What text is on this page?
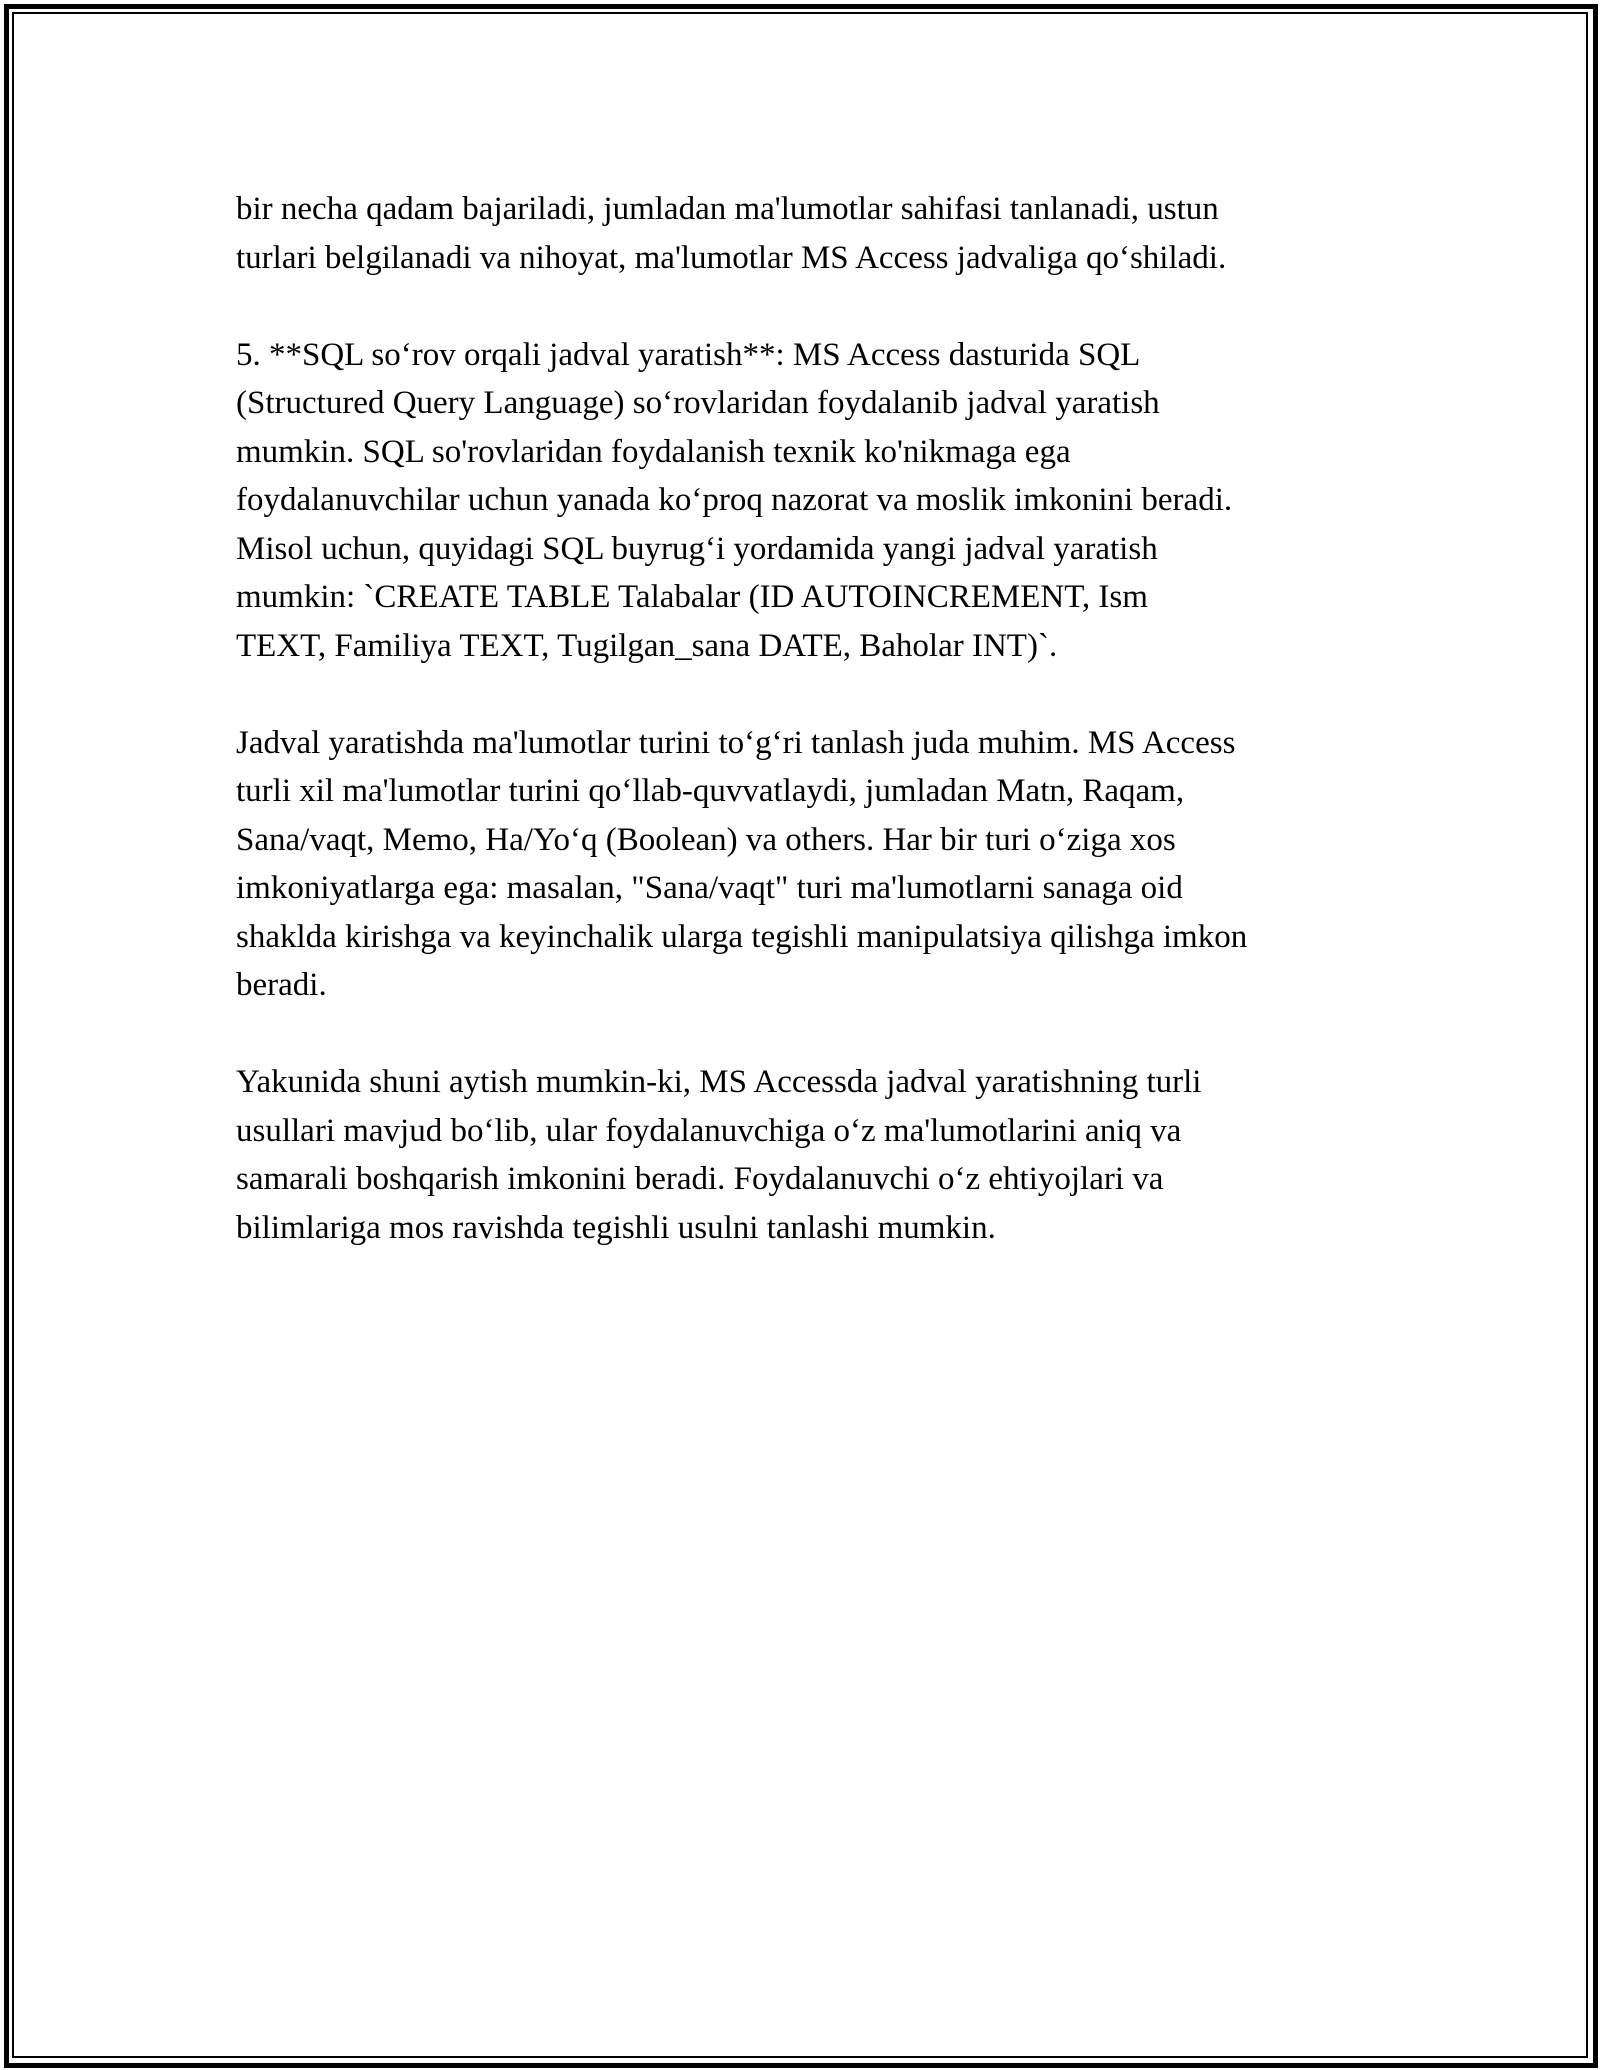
bir necha qadam bajariladi, jumladan ma'lumotlar sahifasi tanlanadi, ustun
turlari belgilanadi va nihoyat, ma'lumotlar MS Access jadvaliga qo‘shiladi.

5. **SQL so‘rov orqali jadval yaratish**: MS Access dasturida SQL
(Structured Query Language) so‘rovlaridan foydalanib jadval yaratish
mumkin. SQL so'rovlaridan foydalanish texnik ko'nikmaga ega
foydalanuvchilar uchun yanada ko‘proq nazorat va moslik imkonini beradi.
Misol uchun, quyidagi SQL buyrug‘i yordamida yangi jadval yaratish
mumkin: `CREATE TABLE Talabalar (ID AUTOINCREMENT, Ism
TEXT, Familiya TEXT, Tugilgan_sana DATE, Baholar INT)`.

Jadval yaratishda ma'lumotlar turini to‘g‘ri tanlash juda muhim. MS Access
turli xil ma'lumotlar turini qo‘llab-quvvatlaydi, jumladan Matn, Raqam,
Sana/vaqt, Memo, Ha/Yo‘q (Boolean) va others. Har bir turi o‘ziga xos
imkoniyatlarga ega: masalan, "Sana/vaqt" turi ma'lumotlarni sanaga oid
shakldа kirishga va keyinchalik ularga tegishli manipulatsiya qilishga imkon
beradi.

Yakunida shuni aytish mumkin-ki, MS Accessda jadval yaratishning turli
usullari mavjud bo‘lib, ular foydalanuvchiga o‘z ma'lumotlarini aniq va
samarali boshqarish imkonini beradi. Foydalanuvchi o‘z ehtiyojlari va
bilimlariga mos ravishda tegishli usulni tanlashi mumkin.
